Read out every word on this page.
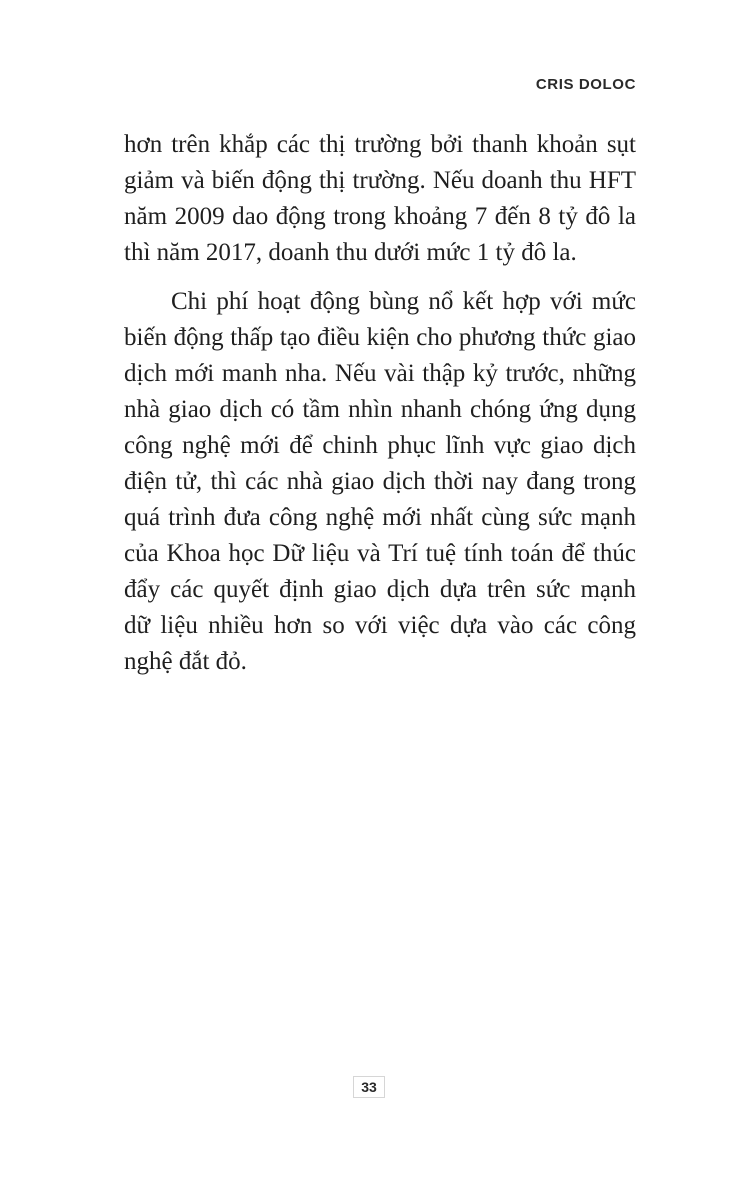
CRIS DOLOC
hơn trên khắp các thị trường bởi thanh khoản sụt
giảm và biến động thị trường. Nếu doanh thu HFT
năm 2009 dao động trong khoảng 7 đến 8 tỷ đô la
thì năm 2017, doanh thu dưới mức 1 tỷ đô la.
Chi phí hoạt động bùng nổ kết hợp với mức
biến động thấp tạo điều kiện cho phương thức giao
dịch mới manh nha. Nếu vài thập kỷ trước, những
nhà giao dịch có tầm nhìn nhanh chóng ứng dụng
công nghệ mới để chinh phục lĩnh vực giao dịch
điện tử, thì các nhà giao dịch thời nay đang trong
quá trình đưa công nghệ mới nhất cùng sức mạnh
của Khoa học Dữ liệu và Trí tuệ tính toán để thúc
đẩy các quyết định giao dịch dựa trên sức mạnh
dữ liệu nhiều hơn so với việc dựa vào các công
nghệ đắt đỏ.
33
